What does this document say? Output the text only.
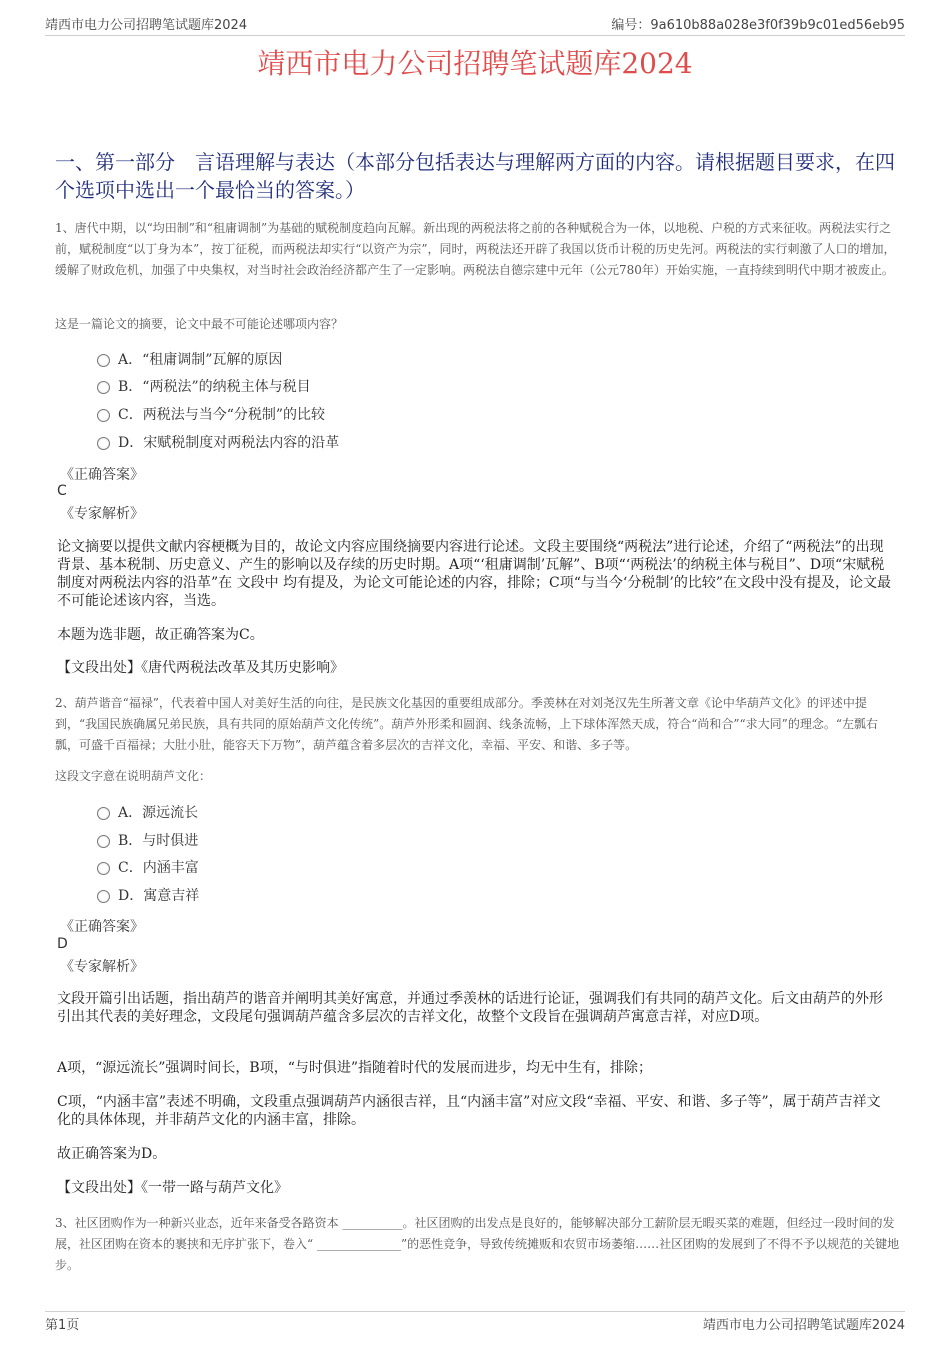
靖西市电力公司招聘笔试题库2024	编号：9a610b88a028e3f0f39b9c01ed56eb95
靖西市电力公司招聘笔试题库2024
一、第一部分　言语理解与表达（本部分包括表达与理解两方面的内容。请根据题目要求，在四个选项中选出一个最恰当的答案。）
1、唐代中期，以“均田制”和“租庸调制”为基础的赋税制度趋向瓦解。新出现的两税法将之前的各种赋税合为一体，以地税、户税的方式来征收。两税法实行之前，赋税制度“以丁身为本”，按丁征税，而两税法却实行“以资产为宗”，同时，两税法还开辟了我国以货币计税的历史先河。两税法的实行刺激了人口的增加，缓解了财政危机，加强了中央集权，对当时社会政治经济都产生了一定影响。两税法自德宗建中元年（公元780年）开始实施，一直持续到明代中期才被废止。
这是一篇论文的摘要，论文中最不可能论述哪项内容？
A．“租庸调制”瓦解的原因
B．“两税法”的纳税主体与税目
C．两税法与当今“分税制”的比较
D．宋赋税制度对两税法内容的沿革
《正确答案》
C
《专家解析》
论文摘要以提供文献内容梗概为目的，故论文内容应围绕摘要内容进行论述。文段主要围绕“两税法”进行论述，介绍了“两税法”的出现背景、基本税制、历史意义、产生的影响以及存续的历史时期。A项“‘租庸调制’瓦解”、B项“‘两税法’的纳税主体与税目”、D项“宋赋税制度对两税法内容的沿革”在 文段中 均有提及，为论文可能论述的内容，排除；C项“与当今‘分税制’的比较”在文段中没有提及，论文最不可能论述该内容，当选。
本题为选非题，故正确答案为C。
【文段出处】《唐代两税法改革及其历史影响》
2、葫芦谐音“福禄”，代表着中国人对美好生活的向往，是民族文化基因的重要组成部分。季羡林在对刘尧汉先生所著文章《论中华葫芦文化》的评述中提到，“我国民族确属兄弟民族，具有共同的原始葫芦文化传统”。葫芦外形柔和圆润、线条流畅，上下球体浑然天成，符合“尚和合”“求大同”的理念。“左瓢右瓢，可盛千百福禄；大肚小肚，能容天下万物”，葫芦蕴含着多层次的吉祥文化，幸福、平安、和谐、多子等。
这段文字意在说明葫芦文化：
A．源远流长
B．与时俱进
C．内涵丰富
D．寓意吉祥
《正确答案》
D
《专家解析》
文段开篇引出话题，指出葫芦的谐音并阐明其美好寓意，并通过季羡林的话进行论证，强调我们有共同的葫芦文化。后文由葫芦的外形引出其代表的美好理念，文段尾句强调葫芦蕴含多层次的吉祥文化，故整个文段旨在强调葫芦寓意吉祥，对应D项。
A项，“源远流长”强调时间长，B项，“与时俱进”指随着时代的发展而进步，均无中生有，排除；
C项，“内涵丰富”表述不明确，文段重点强调葫芦内涵很吉祥，且“内涵丰富”对应文段“幸福、平安、和谐、多子等”，属于葫芦吉祥文化的具体体现，并非葫芦文化的内涵丰富，排除。
故正确答案为D。
【文段出处】《一带一路与葫芦文化》
3、社区团购作为一种新兴业态，近年来备受各路资本 __________。社区团购的出发点是良好的，能够解决部分工薪阶层无暇买菜的难题，但经过一段时间的发展，社区团购在资本的裹挟和无序扩张下，卷入“ ______________”的恶性竞争，导致传统摊贩和农贸市场萎缩……社区团购的发展到了不得不予以规范的关键地步。
第1页	靖西市电力公司招聘笔试题库2024
